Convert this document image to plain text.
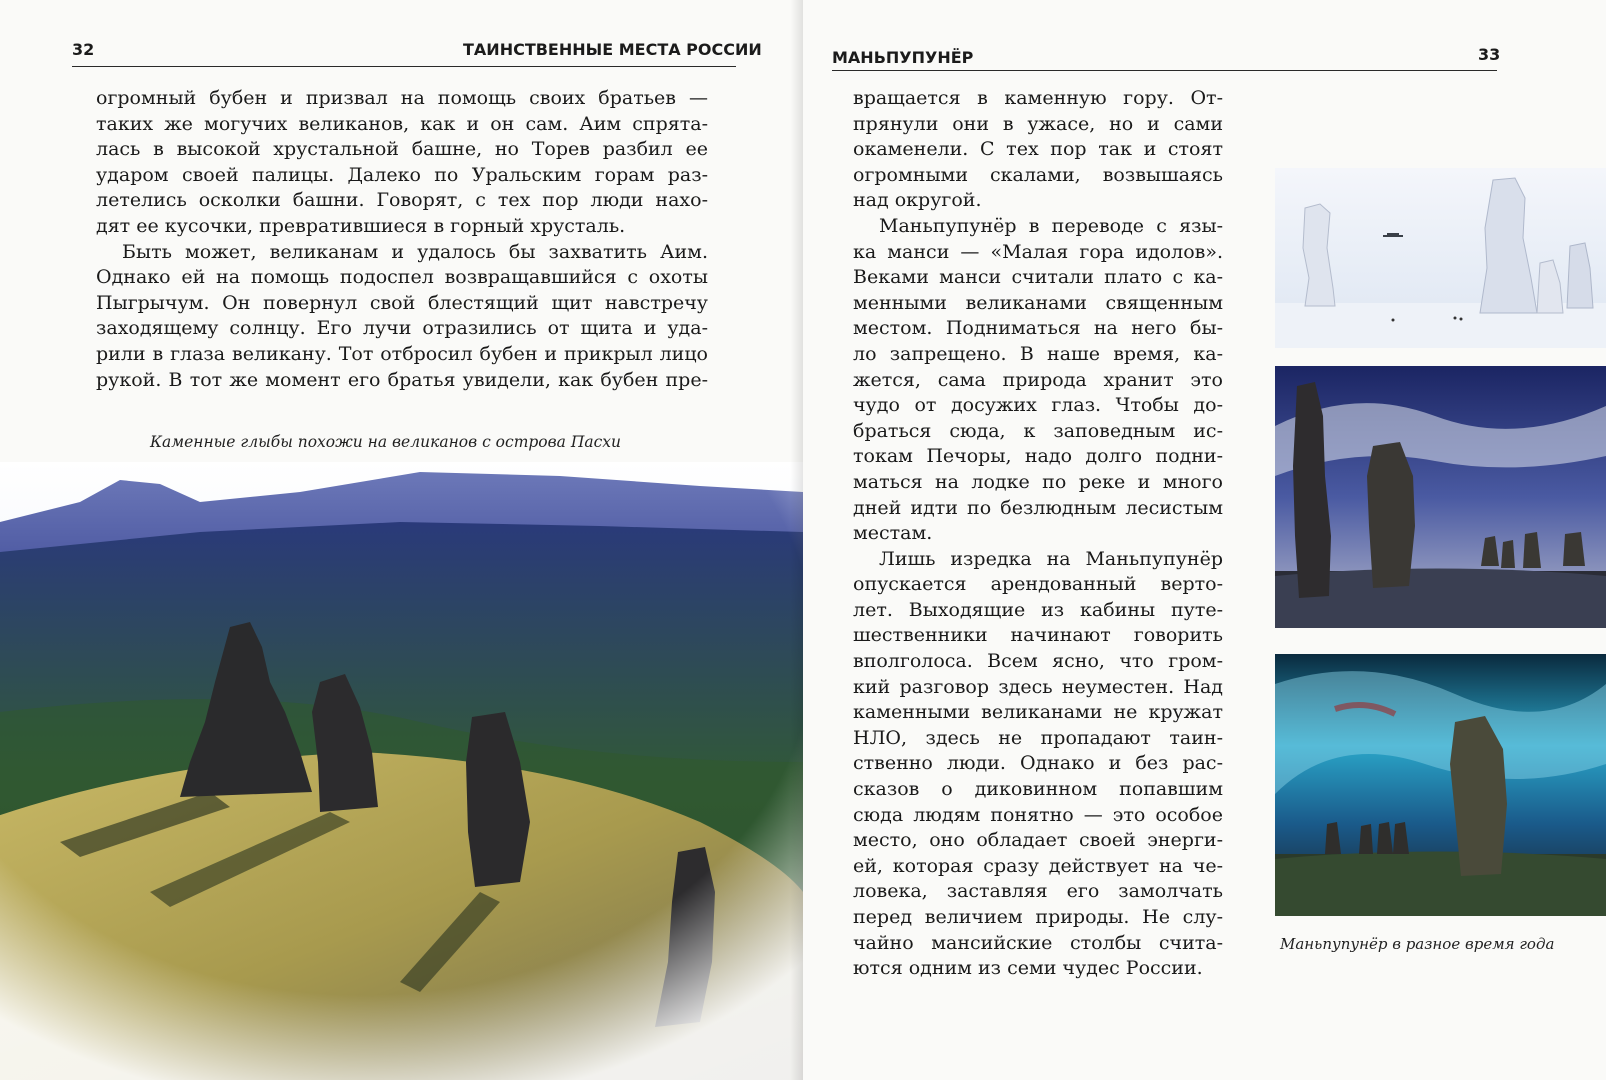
32	ТАИНСТВЕННЫЕ МЕСТА РОССИИ
огромный бубен и призвал на помощь своих братьев —
таких же могучих великанов, как и он сам. Аим спрята-
лась в высокой хрустальной башне, но Торев разбил ее
ударом своей палицы. Далеко по Уральским горам раз-
летелись осколки башни. Говорят, с тех пор люди нахо-
дят ее кусочки, превратившиеся в горный хрусталь.
Быть может, великанам и удалось бы захватить Аим.
Однако ей на помощь подоспел возвращавшийся с охоты
Пыгрычум. Он повернул свой блестящий щит навстречу
заходящему солнцу. Его лучи отразились от щита и уда-
рили в глаза великану. Тот отбросил бубен и прикрыл лицо
рукой. В тот же момент его братья увидели, как бубен пре-
Каменные глыбы похожи на великанов с острова Пасхи
МАНЬПУПУНЁР	33
вращается в каменную гору. От-
прянули они в ужасе, но и сами
окаменели. С тех пор так и стоят
огромными скалами, возвышаясь
над округой.
Маньпупунёр в переводе с язы-
ка манси — «Малая гора идолов».
Веками манси считали плато с ка-
менными великанами священным
местом. Подниматься на него бы-
ло запрещено. В наше время, ка-
жется, сама природа хранит это
чудо от досужих глаз. Чтобы до-
браться сюда, к заповедным ис-
токам Печоры, надо долго подни-
маться на лодке по реке и много
дней идти по безлюдным лесистым
местам.
Лишь изредка на Маньпупунёр
опускается арендованный верто-
лет. Выходящие из кабины путе-
шественники начинают говорить
вполголоса. Всем ясно, что гром-
кий разговор здесь неуместен. Над
каменными великанами не кружат
НЛО, здесь не пропадают таин-
ственно люди. Однако и без рас-
сказов о диковинном попавшим
сюда людям понятно — это особое
место, оно обладает своей энерги-
ей, которая сразу действует на че-
ловека, заставляя его замолчать
перед величием природы. Не слу-
чайно мансийские столбы счита-
ются одним из семи чудес России.
Маньпупунёр в разное время года
